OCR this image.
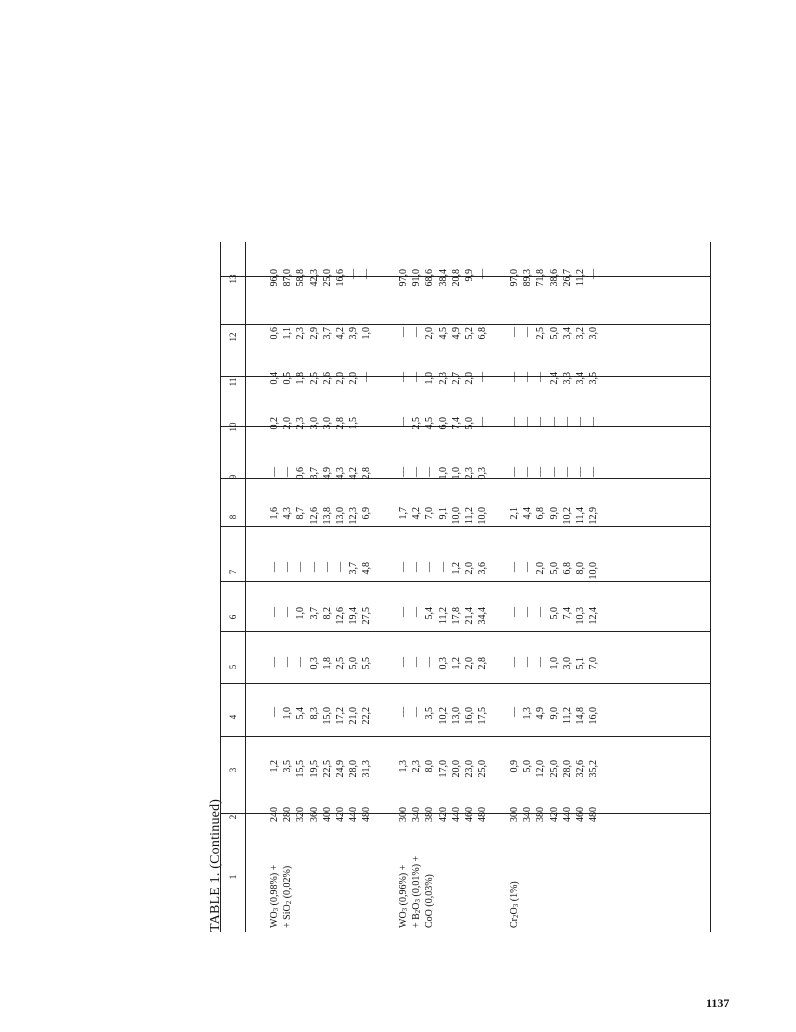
TABLE 1. (Continued) 1
2
3
4
5
6
7
8
9
10
11
12
13
WO3 (0,98%) +
+ SiO2 (0,02%)
240
1,2
—
—
—
—
1,6
—
0,2
0,4
0,6
96,0
280
3,5
1,0
—
—
—
4,3
—
2,0
0,5
1,1
87,0
320
15,5
5,4
—
1,0
—
8,7
0,6
2,3
1,8
2,3
58,8
360
19,5
8,3
0,3
3,7
—
12,6
3,7
3,0
2,5
2,9
42,3
400
22,5
15,0
1,8
8,2
—
13,8
4,9
3,0
2,6
3,7
25,0
420
24,9
17,2
2,5
12,6
—
13,0
4,3
2,8
2,0
4,2
16,6
440
28,0
21,0
5,0
19,4
3,7
12,3
4,2
1,5
2,0
3,9
—
480
31,3
22,2
5,5
27,5
4,8
6,9
2,8
—
1,0
—
WO3 (0,96%) +
+ B2O3 (0,01%) + CoO (0,03%)
300
1,3
—
—
—
—
1,7
—
—
—
—
97,0
340
2,3
—
—
—
—
4,2
—
2,5
—
—
91,0
380
8,0
3,5
—
5,4
—
7,0
—
4,5
1,0
2,0
68,6
420
17,0
10,2
0,3
11,2
—
9,1
1,0
6,0
2,3
4,5
38,4
440
20,0
13,0
1,2
17,8
1,2
10,0
1,0
7,4
2,7
4,9
20,8
460
23,0
16,0
2,0
21,4
2,0
11,2
2,3
5,0
2,0
5,2
9,9
480
25,0
17,5
2,8
34,4
3,6
10,0
0,3
—
—
6,8
—
Cr2O3 (1%)
300
0,9
—
—
—
—
2,1
—
—
—
—
97,0
340
5,0
1,3
—
—
—
4,4
—
—
—
—
89,3
380
12,0
4,9
—
—
2,0
6,8
—
—
—
2,5
71,8
420
25,0
9,0
1,0
5,0
5,0
9,0
—
—
2,4
5,0
38,6
440
28,0
11,2
3,0
7,4
6,8
10,2
—
—
3,3
3,4
26,7
460
32,6
14,8
5,1
10,3
8,0
11,4
—
—
3,4
3,2
11,2
480
35,2
16,0
7,0
12,4
10,0
12,9
—
—
3,5
3,0
—
1137
